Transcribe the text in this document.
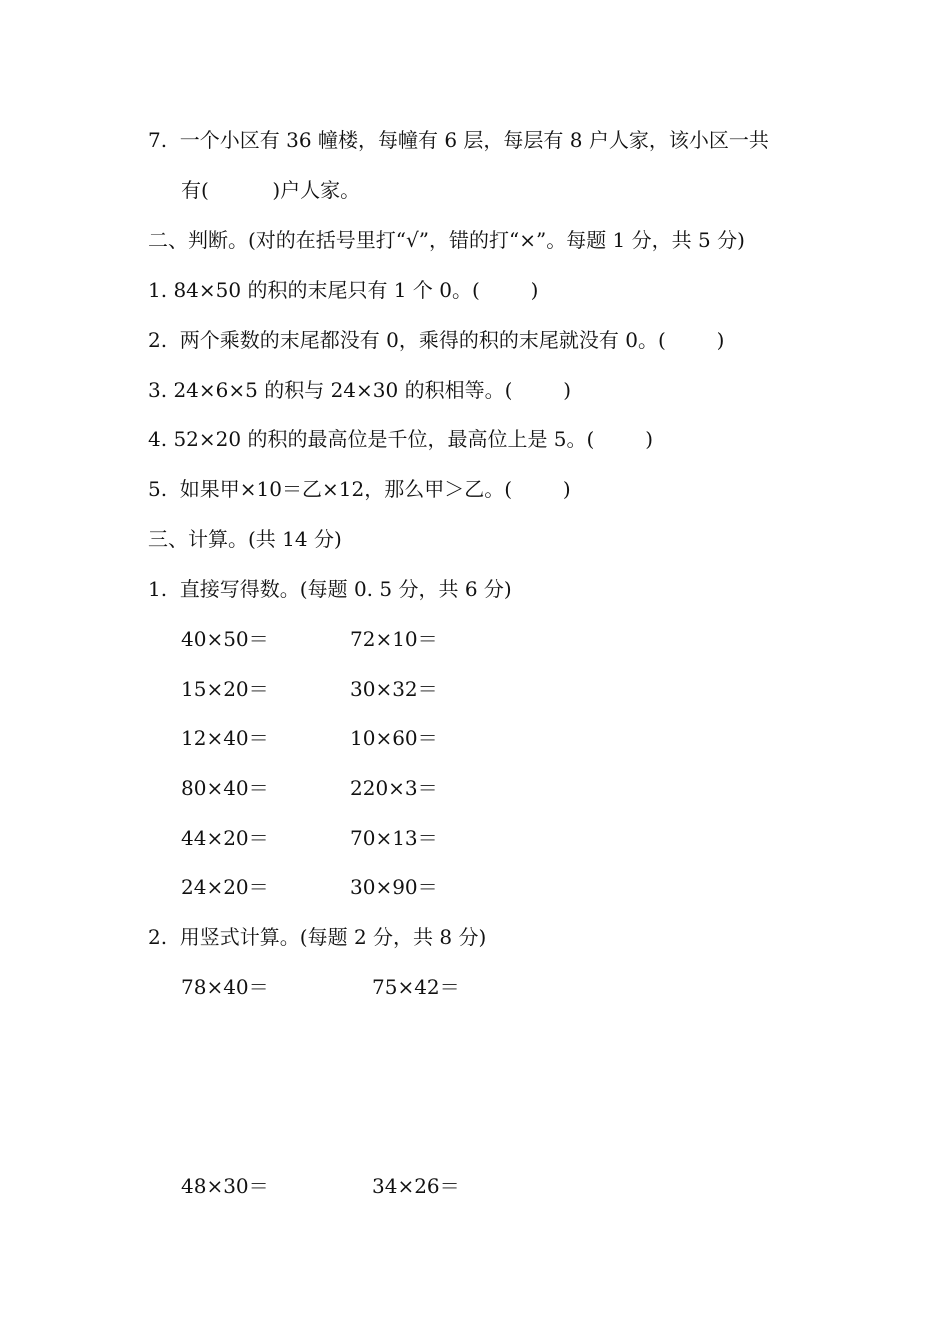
7.  一个小区有 36 幢楼，每幢有 6 层，每层有 8 户人家，该小区一共
有(          )户人家。
二、判断。(对的在括号里打“√”，错的打“×”。每题 1 分，共 5 分)
1. 84×50 的积的末尾只有 1 个 0。(        )
2.  两个乘数的末尾都没有 0，乘得的积的末尾就没有 0。(        )
3. 24×6×5 的积与 24×30 的积相等。(        )
4. 52×20 的积的最高位是千位，最高位上是 5。(        )
5.  如果甲×10＝乙×12，那么甲＞乙。(        )
三、计算。(共 14 分)
1.  直接写得数。(每题 0. 5 分，共 6 分)
40×50＝	72×10＝
15×20＝	30×32＝
12×40＝	10×60＝
80×40＝	220×3＝
44×20＝	70×13＝
24×20＝	30×90＝
2.  用竖式计算。(每题 2 分，共 8 分)
78×40＝	75×42＝
48×30＝	34×26＝
